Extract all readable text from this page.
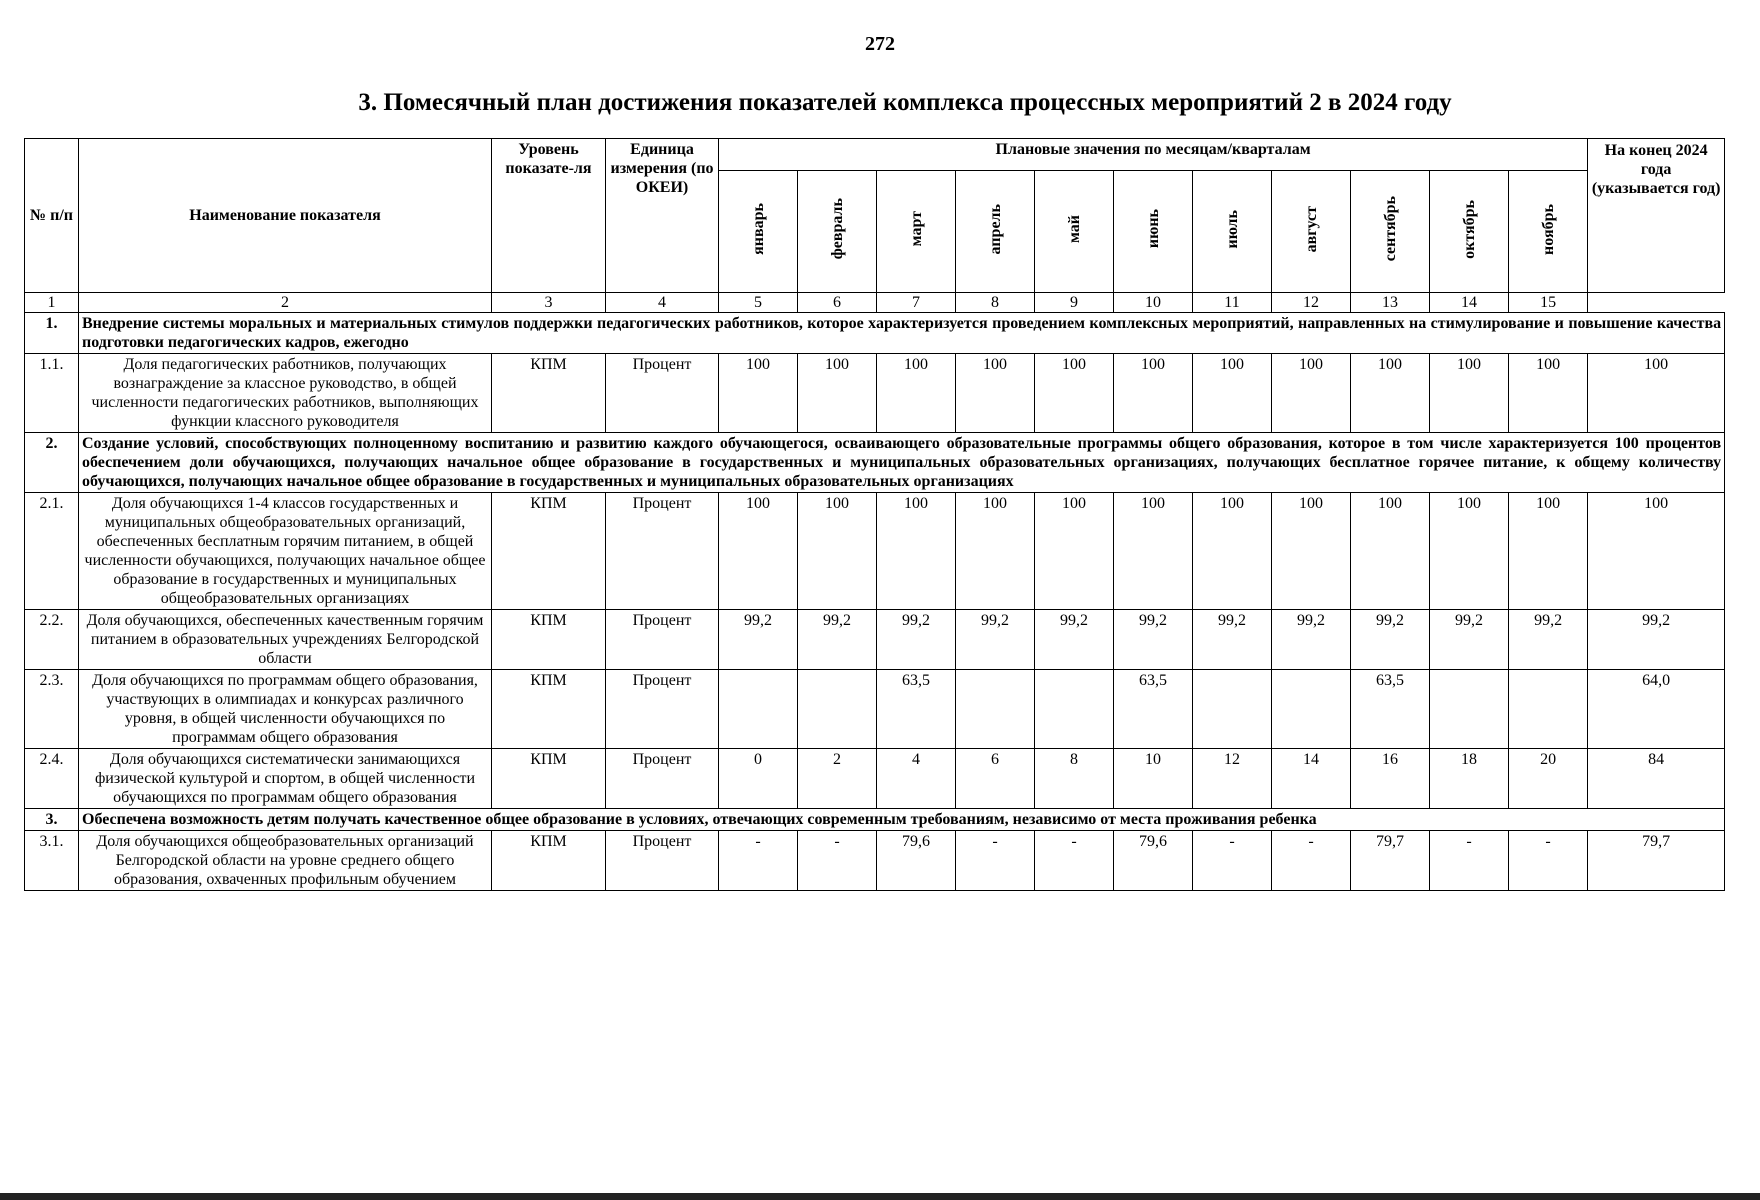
272
3. Помесячный план достижения показателей комплекса процессных мероприятий 2 в 2024 году
№ п/п	Наименование показателя	Уровень показате-ля	Единица измерения (по ОКЕИ)	Плановые значения по месяцам/кварталам											На конец 2024 года (указывается год)
				январь	февраль	март	апрель	май	июнь	июль	август	сентябрь	октябрь	ноябрь	
1	2	3	4	5	6	7	8	9	10	11	12	13	14	15	
1.	Внедрение системы моральных и материальных стимулов поддержки педагогических работников, которое характеризуется проведением комплексных мероприятий, направленных на стимулирование и повышение качества подготовки педагогических кадров, ежегодно														
1.1.	Доля педагогических работников, получающих вознаграждение за классное руководство, в общей численности педагогических работников, выполняющих функции классного руководителя	КПМ	Процент	100	100	100	100	100	100	100	100	100	100	100	100
2.	Создание условий, способствующих полноценному воспитанию и развитию каждого обучающегося, осваивающего образовательные программы общего образования, которое в том числе характеризуется 100 процентов обеспечением доли обучающихся, получающих начальное общее образование в государственных и муниципальных образовательных организациях, получающих бесплатное горячее питание, к общему количеству обучающихся, получающих начальное общее образование в государственных и муниципальных образовательных организациях														
2.1.	Доля обучающихся 1-4 классов государственных и муниципальных общеобразовательных организаций, обеспеченных бесплатным горячим питанием, в общей численности обучающихся, получающих начальное общее образование в государственных и муниципальных общеобразовательных организациях	КПМ	Процент	100	100	100	100	100	100	100	100	100	100	100	100
2.2.	Доля обучающихся, обеспеченных качественным горячим питанием в образовательных учреждениях Белгородской области	КПМ	Процент	99,2	99,2	99,2	99,2	99,2	99,2	99,2	99,2	99,2	99,2	99,2	99,2
2.3.	Доля обучающихся по программам общего образования, участвующих в олимпиадах и конкурсах различного уровня, в общей численности обучающихся по программам общего образования	КПМ	Процент			63,5			63,5			63,5			64,0
2.4.	Доля обучающихся систематически занимающихся физической культурой и спортом, в общей численности обучающихся по программам общего образования	КПМ	Процент	0	2	4	6	8	10	12	14	16	18	20	84
3.	Обеспечена возможность детям получать качественное общее образование в условиях, отвечающих современным требованиям, независимо от места проживания ребенка														
3.1.	Доля обучающихся общеобразовательных организаций Белгородской области на уровне среднего общего образования, охваченных профильным обучением	КПМ	Процент	-	-	79,6	-	-	79,6	-	-	79,7	-	-	79,7
